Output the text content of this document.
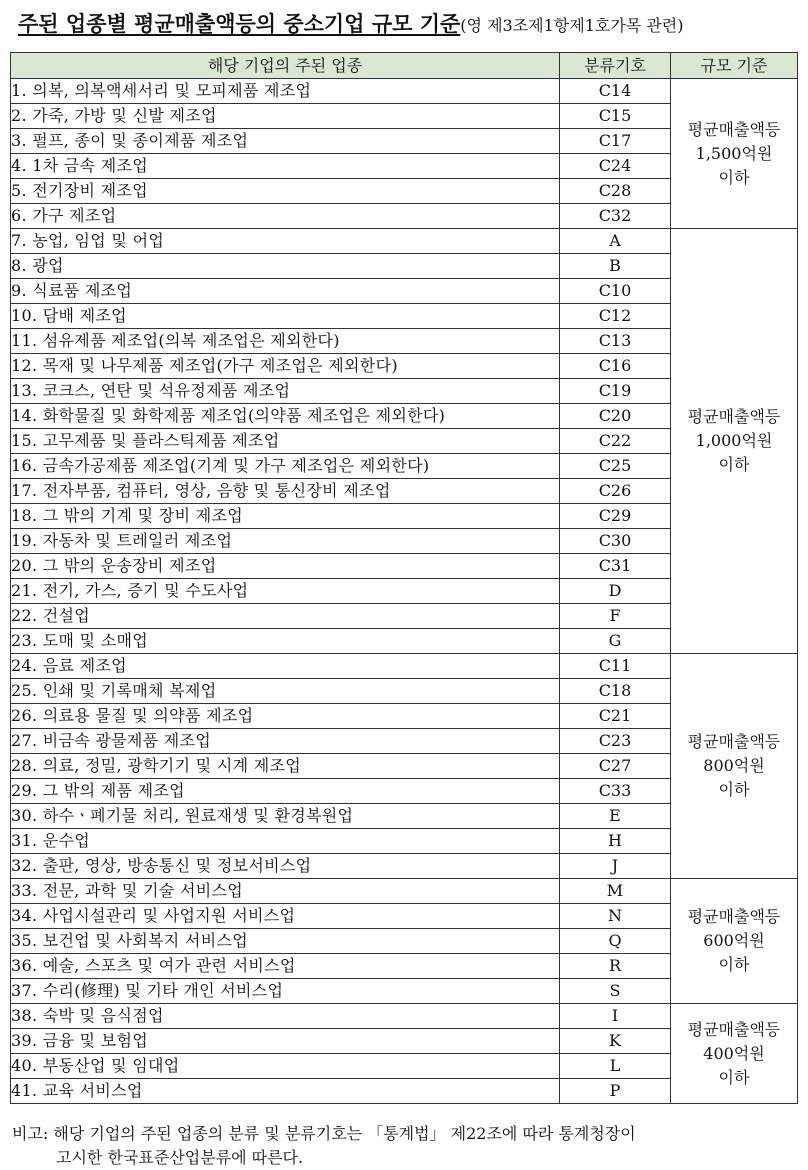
주된 업종별 평균매출액등의 중소기업 규모 기준(영 제3조제1항제1호가목 관련)
해당 기업의 주된 업종	분류기호	규모 기준
1. 의복, 의복액세서리 및 모피제품 제조업	C14	평균매출액등
1,500억원
이하

2. 가죽, 가방 및 신발 제조업	C15	
3. 펄프, 종이 및 종이제품 제조업	C17	
4. 1차 금속 제조업	C24	
5. 전기장비 제조업	C28	
6. 가구 제조업	C32	
7. 농업, 임업 및 어업	A	평균매출액등
1,000억원
이하

8. 광업	B	
9. 식료품 제조업	C10	
10. 담배 제조업	C12	
11. 섬유제품 제조업(의복 제조업은 제외한다)	C13	
12. 목재 및 나무제품 제조업(가구 제조업은 제외한다)	C16	
13. 코크스, 연탄 및 석유정제품 제조업	C19	
14. 화학물질 및 화학제품 제조업(의약품 제조업은 제외한다)	C20	
15. 고무제품 및 플라스틱제품 제조업	C22	
16. 금속가공제품 제조업(기계 및 가구 제조업은 제외한다)	C25	
17. 전자부품, 컴퓨터, 영상, 음향 및 통신장비 제조업	C26	
18. 그 밖의 기계 및 장비 제조업	C29	
19. 자동차 및 트레일러 제조업	C30	
20. 그 밖의 운송장비 제조업	C31	
21. 전기, 가스, 증기 및 수도사업	D	
22. 건설업	F	
23. 도매 및 소매업	G	
24. 음료 제조업	C11	평균매출액등
800억원
이하

25. 인쇄 및 기록매체 복제업	C18	
26. 의료용 물질 및 의약품 제조업	C21	
27. 비금속 광물제품 제조업	C23	
28. 의료, 정밀, 광학기기 및 시계 제조업	C27	
29. 그 밖의 제품 제조업	C33	
30. 하수ㆍ폐기물 처리, 원료재생 및 환경복원업	E	
31. 운수업	H	
32. 출판, 영상, 방송통신 및 정보서비스업	J	
33. 전문, 과학 및 기술 서비스업	M	평균매출액등
600억원
이하

34. 사업시설관리 및 사업지원 서비스업	N	
35. 보건업 및 사회복지 서비스업	Q	
36. 예술, 스포츠 및 여가 관련 서비스업	R	
37. 수리(修理) 및 기타 개인 서비스업	S	
38. 숙박 및 음식점업	I	평균매출액등
400억원
이하

39. 금융 및 보험업	K	
40. 부동산업 및 임대업	L	
41. 교육 서비스업	P	
비고: 해당 기업의 주된 업종의 분류 및 분류기호는 「통계법」 제22조에 따라 통계청장이
고시한 한국표준산업분류에 따른다.
